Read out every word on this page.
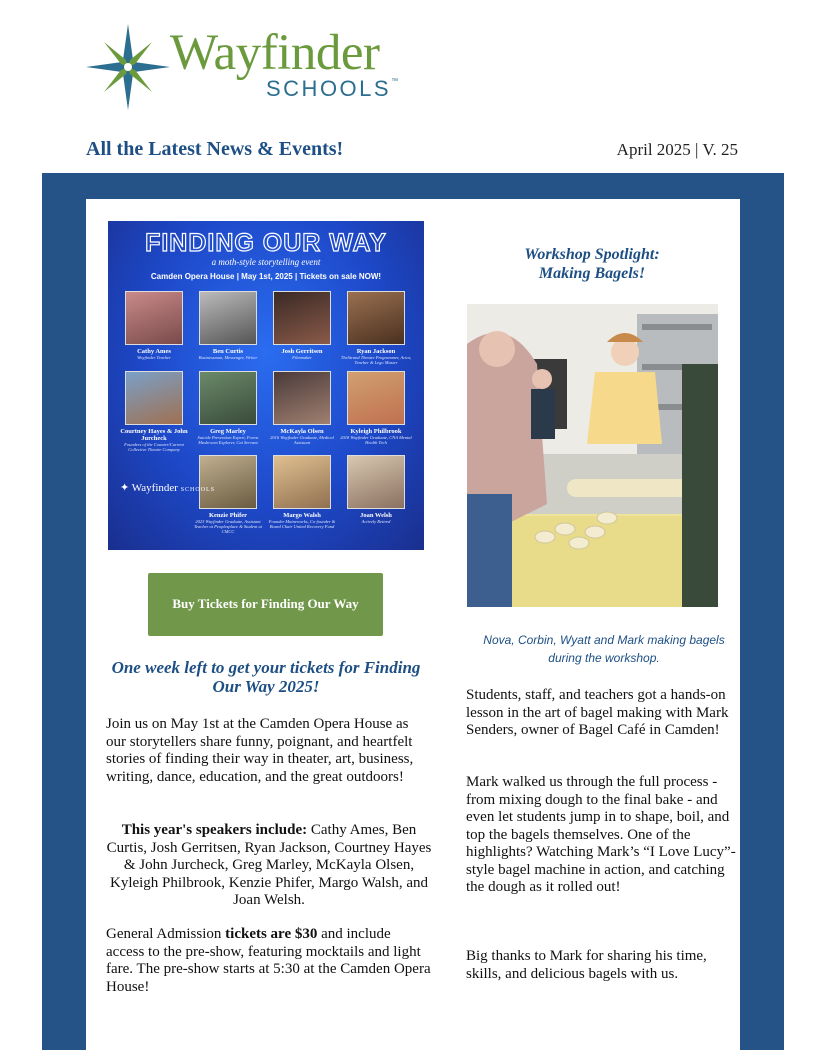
Wayfinder
SCHOOLS™
All the Latest News & Events!	April 2025 | V. 25
FINDING OUR WAY
a moth-style storytelling event
Camden Opera House | May 1st, 2025 | Tickets on sale NOW!
Cathy Ames
Wayfinder Teacher
Ben Curtis
Businessman, Messenger, Writer
Josh Gerritsen
Filmmaker
Ryan Jackson
TheStrand Theatre Programmer, Actor, Teacher & Lego Master
Courtney Hayes & John Jurcheck
Founders of the Counter/Current Collective Theatre Company
Greg Marley
Suicide Prevention Expert, Forest Mushroom Explorer, Cat Servant
McKayla Olsen
2016 Wayfinder Graduate, Medical Assistant
Kyleigh Philbrook
2018 Wayfinder Graduate, CNA Mental Health Tech
Kenzie Phifer
2023 Wayfinder Graduate, Assistant Teacher at Peoplesplace & Student at CMCC
Margo Walsh
Founder Maineworks, Co-founder & Board Chair United Recovery Fund
Joan Welsh
Actively Retired
✦ Wayfinder SCHOOLS
Buy Tickets for Finding Our Way
One week left to get your tickets for Finding Our Way 2025!
Join us on May 1st at the Camden Opera House as our storytellers share funny, poignant, and heartfelt stories of finding their way in theater, art, business, writing, dance, education, and the great outdoors!
This year's speakers include: Cathy Ames, Ben Curtis, Josh Gerritsen, Ryan Jackson, Courtney Hayes & John Jurcheck, Greg Marley, McKayla Olsen, Kyleigh Philbrook, Kenzie Phifer, Margo Walsh, and Joan Welsh.
General Admission tickets are $30 and include access to the pre-show, featuring mocktails and light fare. The pre-show starts at 5:30 at the Camden Opera House!
Workshop Spotlight:
Making Bagels!
Nova, Corbin, Wyatt and Mark making bagels during the workshop.
Students, staff, and teachers got a hands-on lesson in the art of bagel making with Mark Senders, owner of Bagel Café in Camden!
Mark walked us through the full process - from mixing dough to the final bake - and even let students jump in to shape, boil, and top the bagels themselves. One of the highlights? Watching Mark’s “I Love Lucy”-style bagel machine in action, and catching the dough as it rolled out!
Big thanks to Mark for sharing his time, skills, and delicious bagels with us.
